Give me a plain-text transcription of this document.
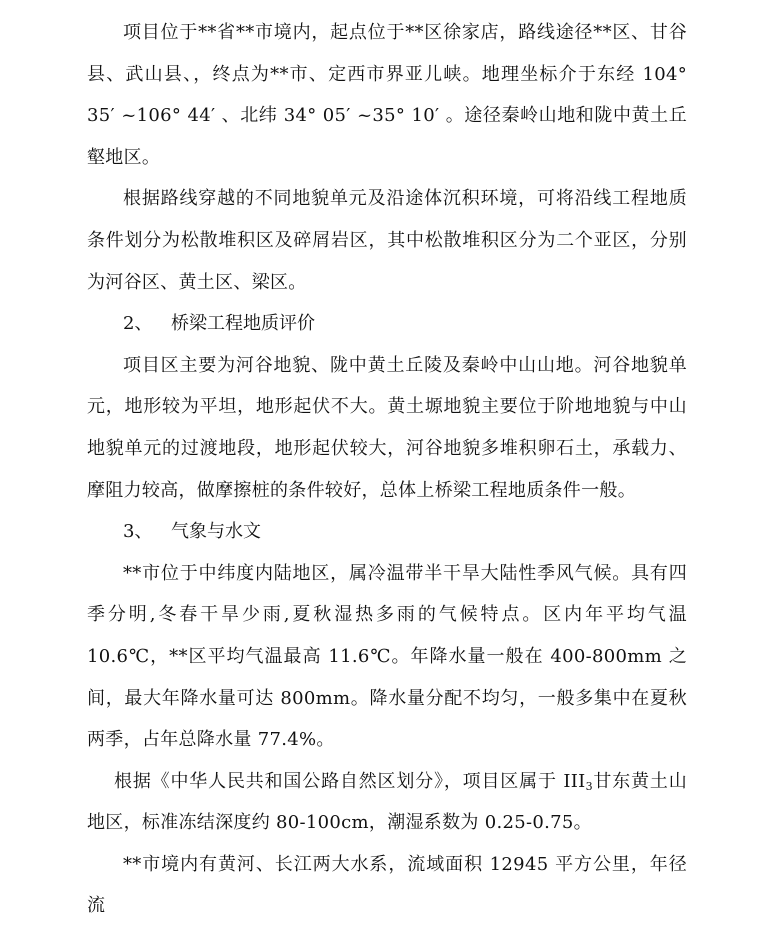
项目位于**省**市境内，起点位于**区徐家店，路线途径**区、甘谷县、武山县、，终点为**市、定西市界亚儿峡。地理坐标介于东经 104° 35′ ~106° 44′ 、北纬 34° 05′ ~35° 10′ 。途径秦岭山地和陇中黄土丘壑地区。

根据路线穿越的不同地貌单元及沿途体沉积环境，可将沿线工程地质条件划分为松散堆积区及碎屑岩区，其中松散堆积区分为二个亚区，分别为河谷区、黄土区、梁区。

2、 桥梁工程地质评价

项目区主要为河谷地貌、陇中黄土丘陵及秦岭中山山地。河谷地貌单元，地形较为平坦，地形起伏不大。黄土塬地貌主要位于阶地地貌与中山地貌单元的过渡地段，地形起伏较大，河谷地貌多堆积卵石土，承载力、摩阻力较高，做摩擦桩的条件较好，总体上桥梁工程地质条件一般。

3、 气象与水文

**市位于中纬度内陆地区，属冷温带半干旱大陆性季风气候。具有四季分明,冬春干旱少雨,夏秋湿热多雨的气候特点。区内年平均气温 10.6℃，**区平均气温最高 11.6℃。年降水量一般在 400-800mm 之间，最大年降水量可达 800mm。降水量分配不均匀，一般多集中在夏秋两季，占年总降水量 77.4%。

根据《中华人民共和国公路自然区划分》，项目区属于 $III_3$甘东黄土山地区，标准冻结深度约 80-100cm，潮湿系数为 0.25-0.75。

**市境内有黄河、长江两大水系，流域面积 12945 平方公里，年径流
